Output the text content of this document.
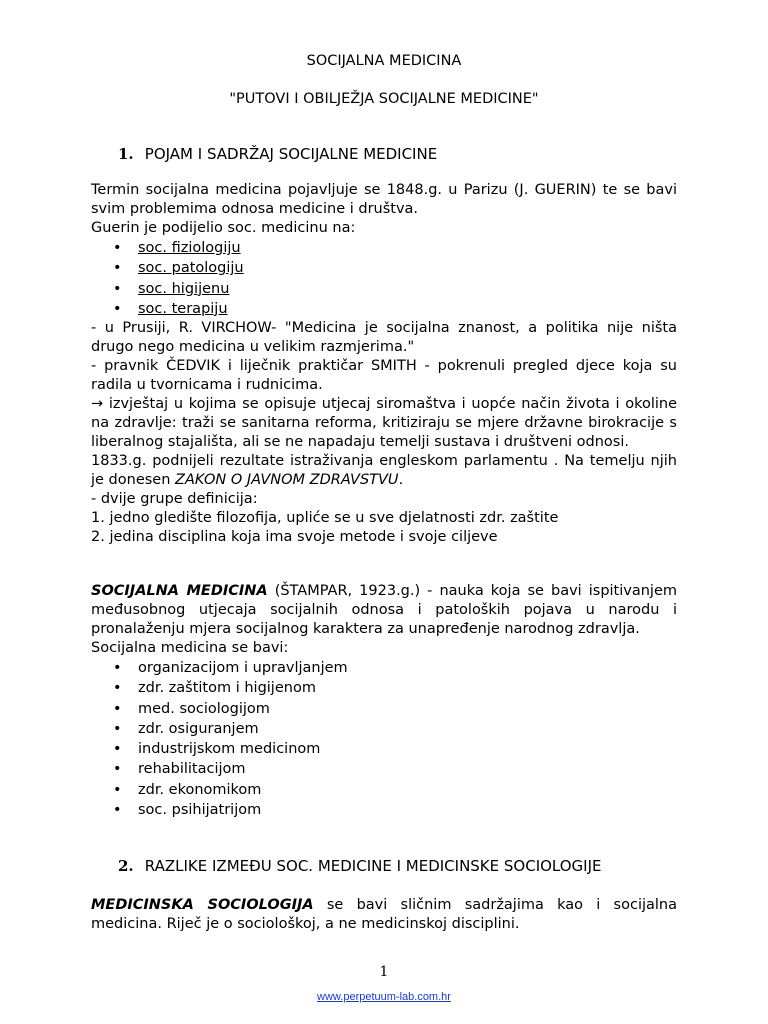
SOCIJALNA MEDICINA
"PUTOVI I OBILJEŽJA SOCIJALNE MEDICINE"
1. POJAM I SADRŽAJ SOCIJALNE MEDICINE

Termin socijalna medicina pojavljuje se 1848.g. u Parizu (J. GUERIN) te se bavi svim problemima odnosa medicine i društva.

Guerin je podijelio soc. medicinu na:

• soc. fiziologiju
• soc. patologiju
• soc. higijenu
• soc. terapiju

- u Prusiji, R. VIRCHOW- "Medicina je socijalna znanost, a politika nije ništa drugo nego medicina u velikim razmjerima."

- pravnik ČEDVIK i liječnik praktičar SMITH - pokrenuli pregled djece koja su radila u tvornicama i rudnicima.

→ izvještaj u kojima se opisuje utjecaj siromaštva i uopće način života i okoline na zdravlje: traži se sanitarna reforma, kritiziraju se mjere državne birokracije s liberalnog stajališta, ali se ne napadaju temelji sustava i društveni odnosi.

1833.g. podnijeli rezultate istraživanja engleskom parlamentu . Na temelju njih je donesen ZAKON O JAVNOM ZDRAVSTVU.

- dvije grupe definicija:

1. jedno gledište filozofija, upliće se u sve djelatnosti zdr. zaštite

2. jedina disciplina koja ima svoje metode i svoje ciljeve

SOCIJALNA MEDICINA (ŠTAMPAR, 1923.g.) - nauka koja se bavi ispitivanjem međusobnog utjecaja socijalnih odnosa i patoloških pojava u narodu i pronalaženju mjera socijalnog karaktera za unapređenje narodnog zdravlja.

Socijalna medicina se bavi:

• organizacijom i upravljanjem
• zdr. zaštitom i higijenom
• med. sociologijom
• zdr. osiguranjem
• industrijskom medicinom
• rehabilitacijom
• zdr. ekonomikom
• soc. psihijatrijom
2. RAZLIKE IZMEĐU SOC. MEDICINE I MEDICINSKE SOCIOLOGIJE

MEDICINSKA SOCIOLOGIJA se bavi sličnim sadržajima kao i socijalna medicina. Riječ je o sociološkoj, a ne medicinskoj disciplini.

1
www.perpetuum-lab.com.hr
